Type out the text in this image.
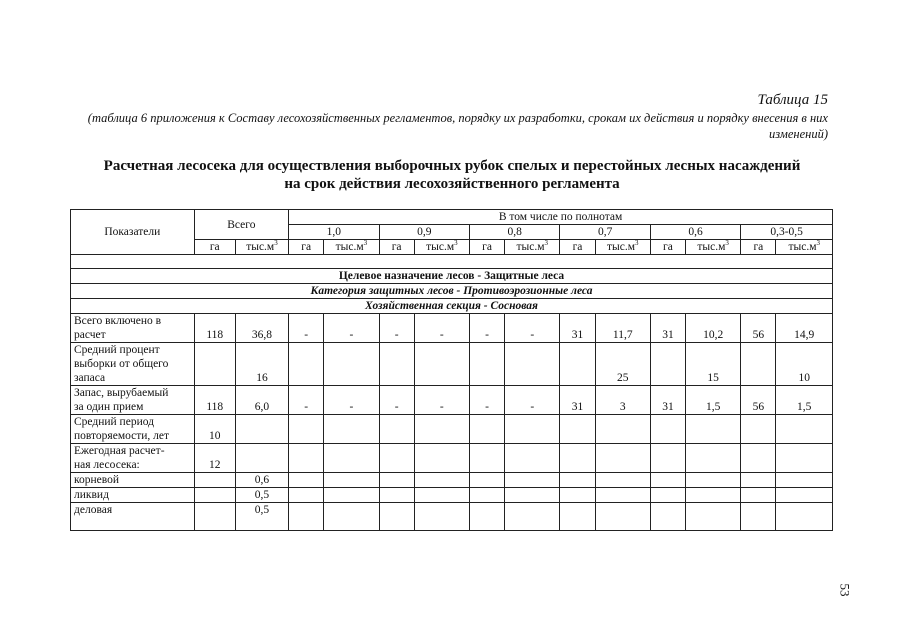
Таблица 15
(таблица 6 приложения к Составу лесохозяйственных регламентов, порядку их разработки, срокам их действия и порядку внесения в них изменений)
Расчетная лесосека для осуществления выборочных рубок спелых и перестойных лесных насаждений
на срок действия лесохозяйственного регламента
Показатели	Всего		В том числе по полнотам											
			1,0		0,9		0,8		0,7		0,6		0,3-0,5	
	га	$тыс.м^3$	га	$тыс.м^3$	га	$тыс.м^3$	га	$тыс.м^3$	га	$тыс.м^3$	га	$тыс.м^3$	га	$тыс.м^3$

Целевое назначение лесов - Защитные леса														
Категория защитных лесов - Противоэрозионные леса														
Хозяйственная секция - Сосновая														

Всего включено в
расчет	118	36,8	-	-	-	-	-	-	31	11,7	31	10,2	56	14,9

Средний процент
выборки от общего
запаса		16								25		15		10

Запас, вырубаемый
за один прием	118	6,0	-	-	-	-	-	-	31	3	31	1,5	56	1,5

Средний период
повторяемости, лет	10													

Ежегодная расчет-
ная лесосека:	12													

корневой		0,6												

ликвид		0,5												

деловая		0,5												
53
